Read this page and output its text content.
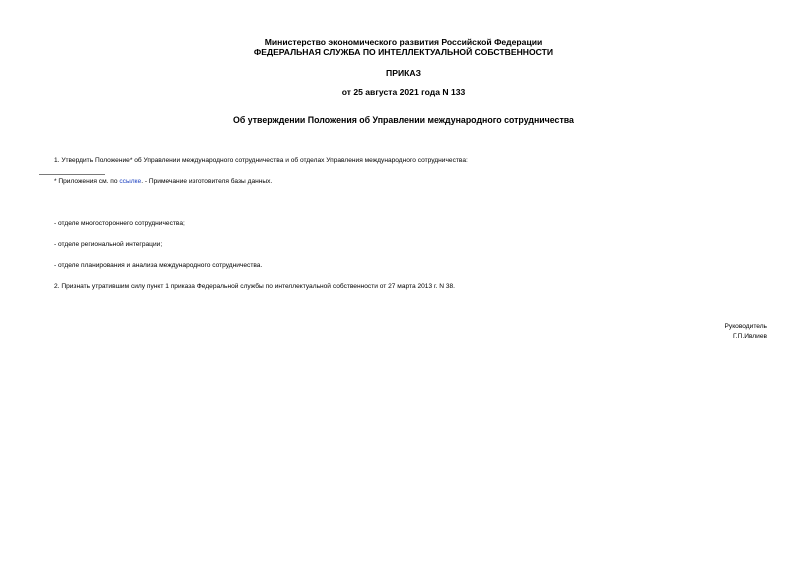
Министерство экономического развития Российской Федерации
ФЕДЕРАЛЬНАЯ СЛУЖБА ПО ИНТЕЛЛЕКТУАЛЬНОЙ СОБСТВЕННОСТИ
ПРИКАЗ
от 25 августа 2021 года N 133
Об утверждении Положения об Управлении международного сотрудничества
1. Утвердить Положение* об Управлении международного сотрудничества и об отделах Управления международного сотрудничества:
* Приложения см. по ссылке. - Примечание изготовителя базы данных.
- отделе многостороннего сотрудничества;
- отделе региональной интеграции;
- отделе планирования и анализа международного сотрудничества.
2. Признать утратившим силу пункт 1 приказа Федеральной службы по интеллектуальной собственности от 27 марта 2013 г. N 38.
Руководитель
Г.П.Ивлиев
